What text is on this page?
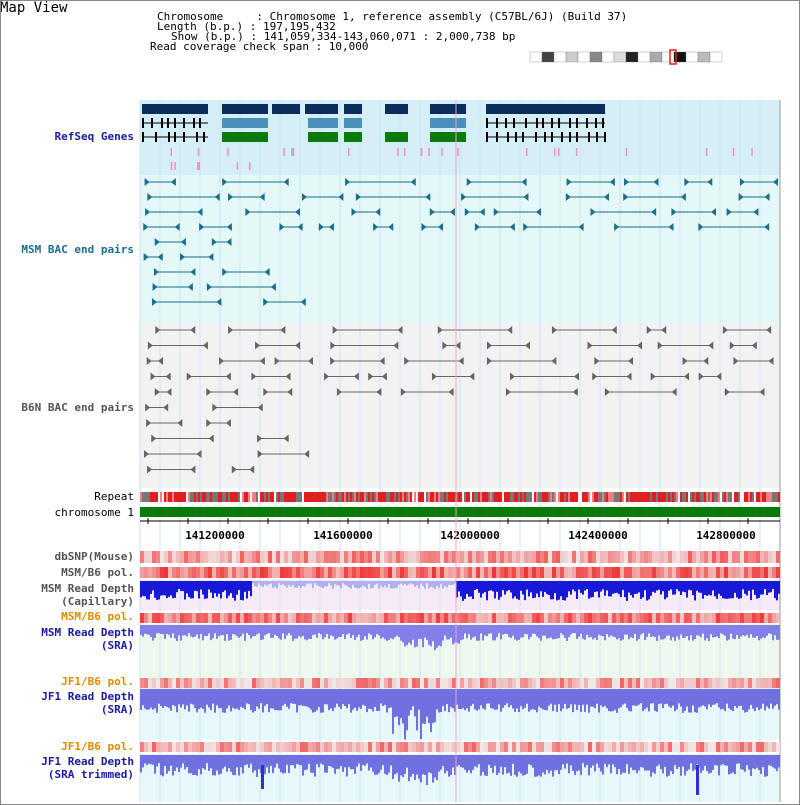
141200000	141600000	142000000	142400000	142800000
Map View
Chromosome     : Chromosome 1, reference assembly (C57BL/6J) (Build 37)
Length (b.p.) : 197,195,432
Show (b.p.) : 141,059,334-143,060,071 : 2,000,738 bp
Read coverage check span : 10,000
RefSeq Genes
MSM BAC end pairs
B6N BAC end pairs
Repeat
chromosome 1
dbSNP(Mouse)
MSM/B6 pol.
MSM Read Depth
(Capillary)
MSM/B6 pol.
MSM Read Depth
(SRA)
JF1/B6 pol.
JF1 Read Depth
(SRA)
JF1/B6 pol.
JF1 Read Depth
(SRA trimmed)
